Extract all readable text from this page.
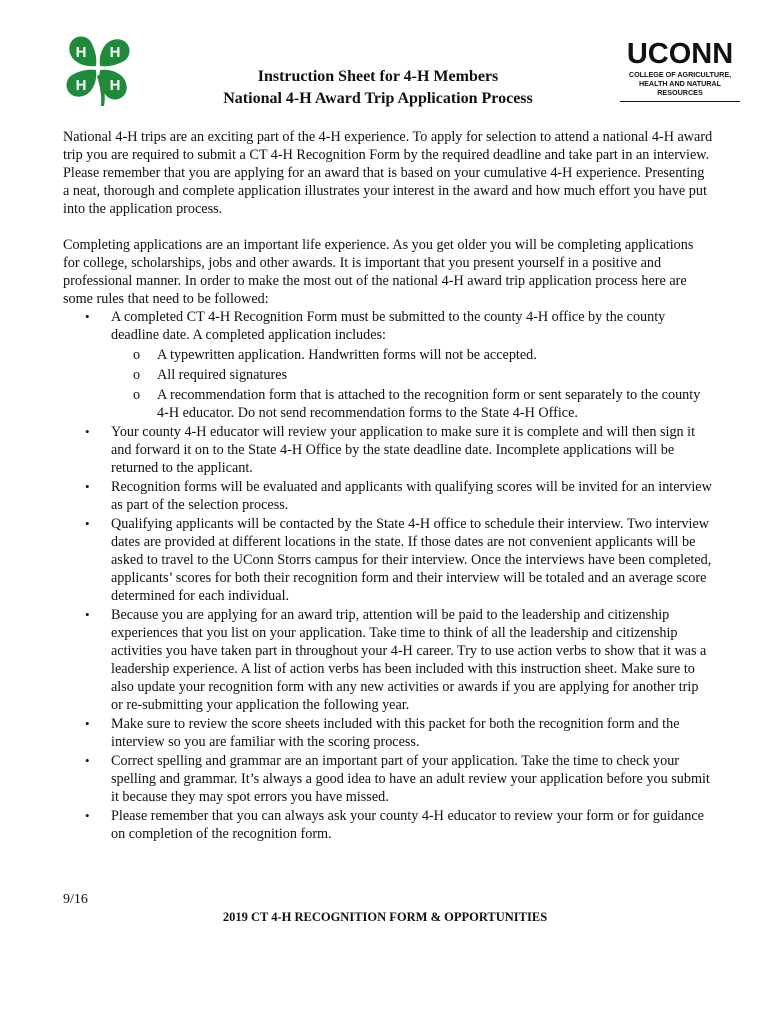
H H
H H

Instruction Sheet for 4-H Members

National 4-H Award Trip Application Process

UCONN
COLLEGE OF AGRICULTURE, HEALTH AND NATURAL RESOURCES
National 4-H trips are an exciting part of the 4-H experience. To apply for selection to attend a national 4-H award trip you are required to submit a CT 4-H Recognition Form by the required deadline and take part in an interview. Please remember that you are applying for an award that is based on your cumulative 4-H experience. Presenting a neat, thorough and complete application illustrates your interest in the award and how much effort you have put into the application process.
Completing applications are an important life experience. As you get older you will be completing applications for college, scholarships, jobs and other awards. It is important that you present yourself in a positive and professional manner. In order to make the most out of the national 4-H award trip application process here are some rules that need to be followed:
• A completed CT 4-H Recognition Form must be submitted to the county 4-H office by the county deadline date. A completed application includes:
o A typewritten application. Handwritten forms will not be accepted.
o All required signatures
o A recommendation form that is attached to the recognition form or sent separately to the county 4-H educator. Do not send recommendation forms to the State 4-H Office.
• Your county 4-H educator will review your application to make sure it is complete and will then sign it and forward it on to the State 4-H Office by the state deadline date. Incomplete applications will be returned to the applicant.
• Recognition forms will be evaluated and applicants with qualifying scores will be invited for an interview as part of the selection process.
• Qualifying applicants will be contacted by the State 4-H office to schedule their interview. Two interview dates are provided at different locations in the state. If those dates are not convenient applicants will be asked to travel to the UConn Storrs campus for their interview. Once the interviews have been completed, applicants’ scores for both their recognition form and their interview will be totaled and an average score determined for each individual.
• Because you are applying for an award trip, attention will be paid to the leadership and citizenship experiences that you list on your application. Take time to think of all the leadership and citizenship activities you have taken part in throughout your 4-H career. Try to use action verbs to show that it was a leadership experience. A list of action verbs has been included with this instruction sheet. Make sure to also update your recognition form with any new activities or awards if you are applying for another trip or re-submitting your application the following year.
• Make sure to review the score sheets included with this packet for both the recognition form and the interview so you are familiar with the scoring process.
• Correct spelling and grammar are an important part of your application. Take the time to check your spelling and grammar. It’s always a good idea to have an adult review your application before you submit it because they may spot errors you have missed.
• Please remember that you can always ask your county 4-H educator to review your form or for guidance on completion of the recognition form.
9/16
2019 CT 4-H RECOGNITION FORM & OPPORTUNITIES
